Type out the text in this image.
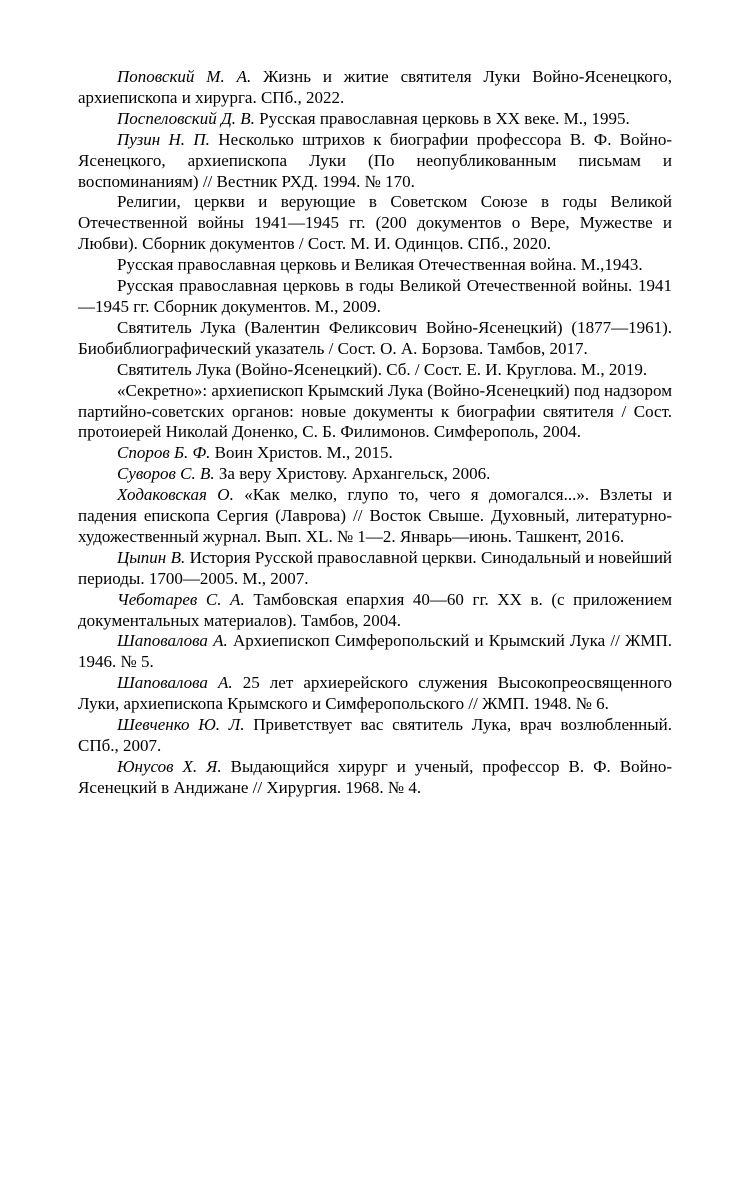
Поповский М. А. Жизнь и житие святителя Луки Войно-Ясенецкого, архиепископа и хирурга. СПб., 2022.

Поспеловский Д. В. Русская православная церковь в XX веке. М., 1995.

Пузин Н. П. Несколько штрихов к биографии профессора В. Ф. Войно-Ясенецкого, архиепископа Луки (По неопубликованным письмам и воспоминаниям) // Вестник РХД. 1994. № 170.

Религии, церкви и верующие в Советском Союзе в годы Великой Отечественной войны 1941—1945 гг. (200 документов о Вере, Мужестве и Любви). Сборник документов / Сост. М. И. Одинцов. СПб., 2020.

Русская православная церковь и Великая Отечественная война. М.,1943.

Русская православная церковь в годы Великой Отечественной войны. 1941—1945 гг. Сборник документов. М., 2009.

Святитель Лука (Валентин Феликсович Войно-Ясенецкий) (1877—1961). Биобиблиографический указатель / Сост. О. А. Борзова. Тамбов, 2017.

Святитель Лука (Войно-Ясенецкий). Сб. / Сост. Е. И. Круглова. М., 2019.

«Секретно»: архиепископ Крымский Лука (Войно-Ясенецкий) под надзором партийно-советских органов: новые документы к биографии святителя / Сост. протоиерей Николай Доненко, С. Б. Филимонов. Симферополь, 2004.

Споров Б. Ф. Воин Христов. М., 2015.

Суворов С. В. За веру Христову. Архангельск, 2006.

Ходаковская О. «Как мелко, глупо то, чего я домогался...». Взлеты и падения епископа Сергия (Лаврова) // Восток Свыше. Духовный, литературно-художественный журнал. Вып. XL. № 1—2. Январь—июнь. Ташкент, 2016.

Цыпин В. История Русской православной церкви. Синодальный и новейший периоды. 1700—2005. М., 2007.

Чеботарев С. А. Тамбовская епархия 40—60 гг. XX в. (с приложением документальных материалов). Тамбов, 2004.

Шаповалова А. Архиепископ Симферопольский и Крымский Лука // ЖМП. 1946. № 5.

Шаповалова А. 25 лет архиерейского служения Высокопреосвященного Луки, архиепископа Крымского и Симферопольского // ЖМП. 1948. № 6.

Шевченко Ю. Л. Приветствует вас святитель Лука, врач возлюбленный. СПб., 2007.

Юнусов Х. Я. Выдающийся хирург и ученый, профессор В. Ф. Войно-Ясенецкий в Андижане // Хирургия. 1968. № 4.
